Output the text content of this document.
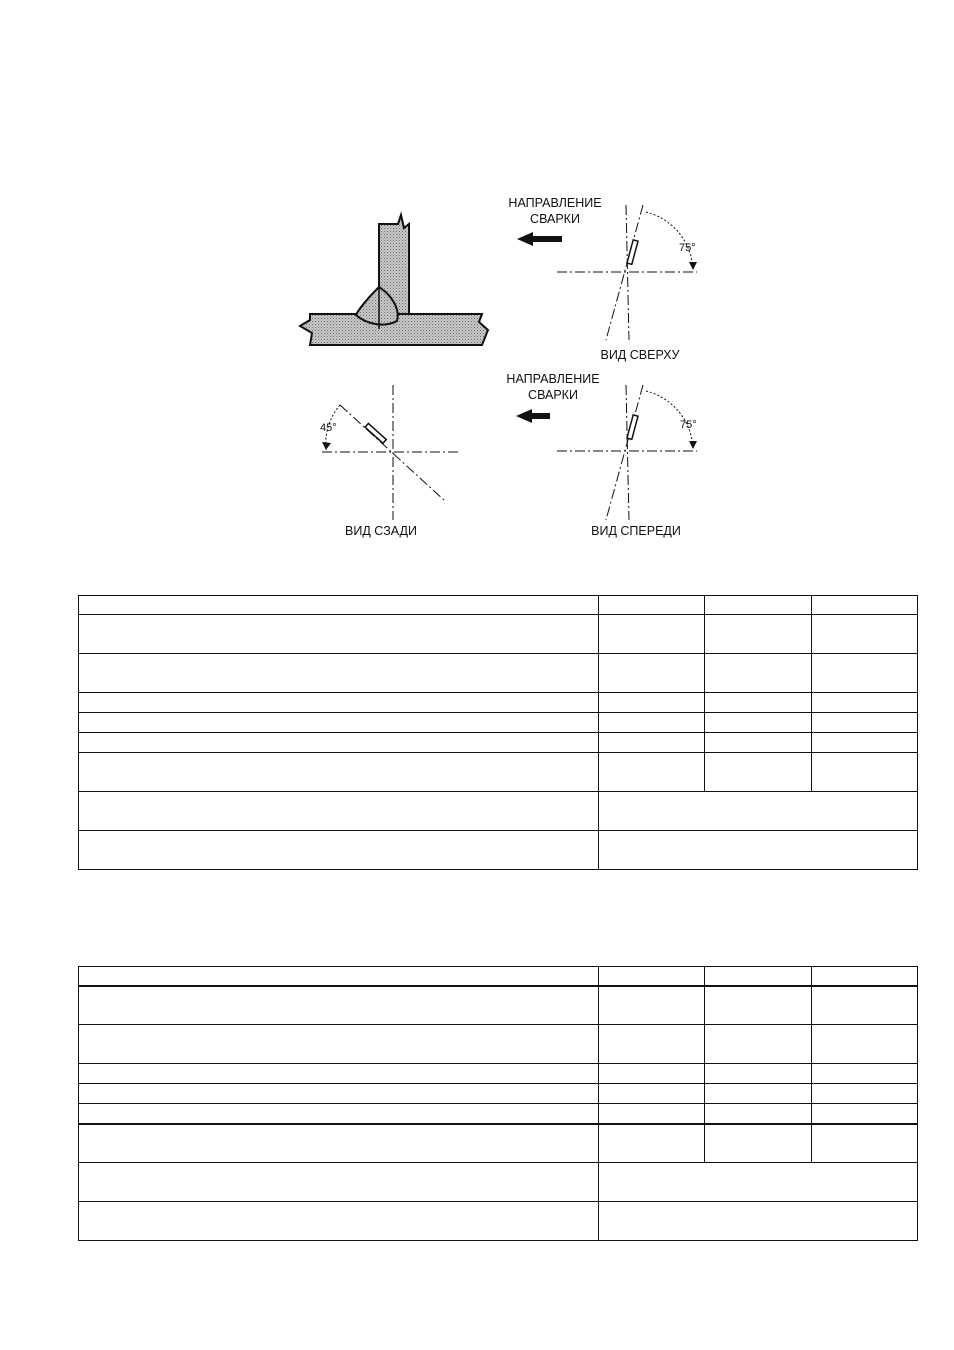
НАПРАВЛЕНИЕ
СВАРКИ
75°
ВИД СВЕРХУ
45°
ВИД СЗАДИ
НАПРАВЛЕНИЕ
СВАРКИ
75°
ВИД СПЕРЕДИ
